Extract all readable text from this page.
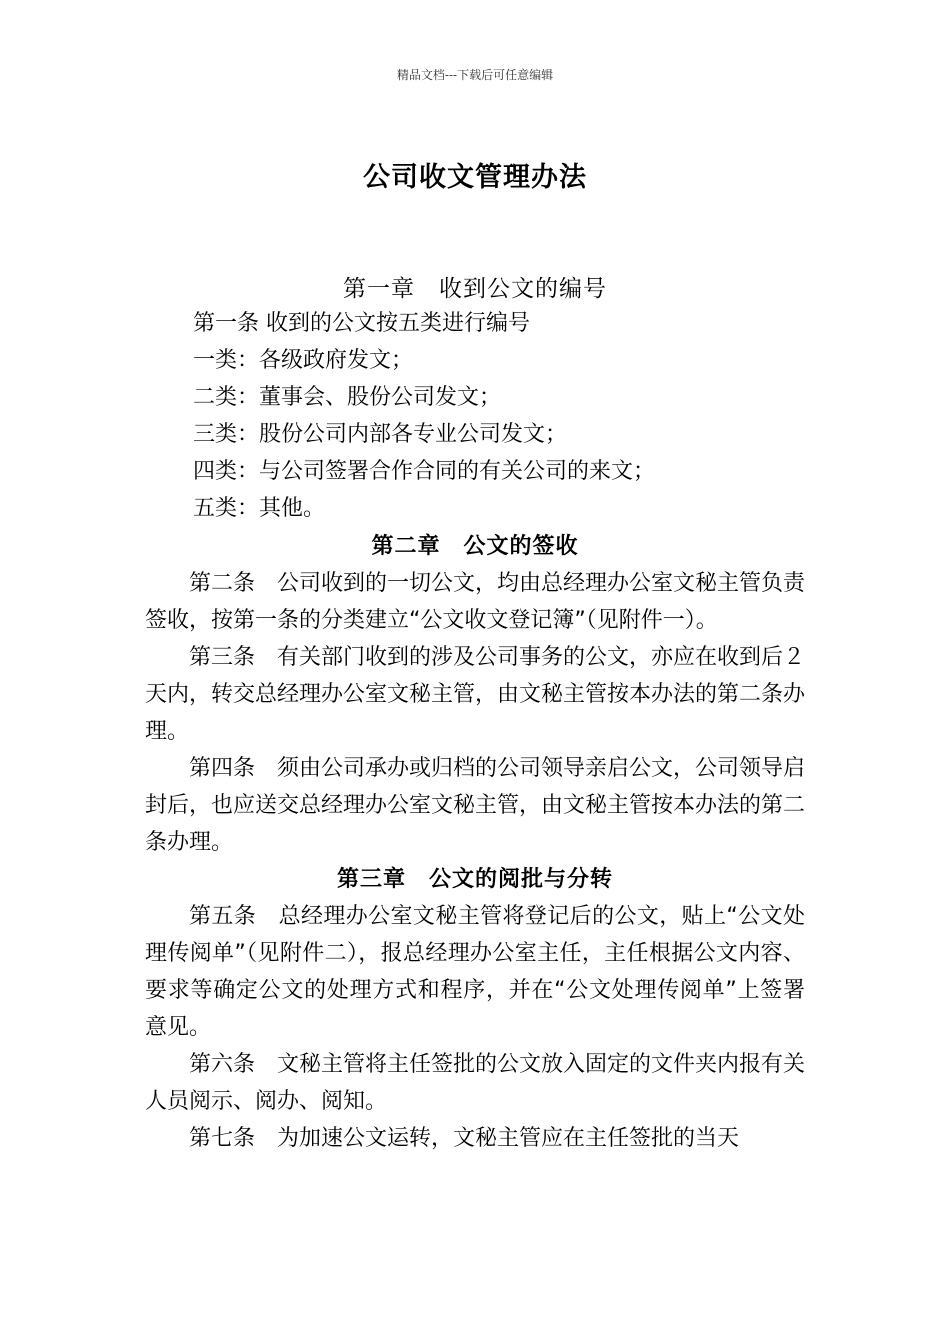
精品文档---下载后可任意编辑
公司收文管理办法
第一章　收到公文的编号
第一条 收到的公文按五类进行编号
一类：各级政府发文；
二类：董事会、股份公司发文；
三类：股份公司内部各专业公司发文；
四类：与公司签署合作合同的有关公司的来文；
五类：其他。

第二章　公文的签收

第二条　公司收到的一切公文，均由总经理办公室文秘主管负责签收，按第一条的分类建立“公文收文登记簿”（见附件一）。

第三条　有关部门收到的涉及公司事务的公文，亦应在收到后２天内，转交总经理办公室文秘主管，由文秘主管按本办法的第二条办理。

第四条　须由公司承办或归档的公司领导亲启公文，公司领导启封后，也应送交总经理办公室文秘主管，由文秘主管按本办法的第二条办理。

第三章　公文的阅批与分转

第五条　总经理办公室文秘主管将登记后的公文，贴上“公文处理传阅单”（见附件二），报总经理办公室主任，主任根据公文内容、要求等确定公文的处理方式和程序，并在“公文处理传阅单”上签署意见。

第六条　文秘主管将主任签批的公文放入固定的文件夹内报有关人员阅示、阅办、阅知。

第七条　为加速公文运转，文秘主管应在主任签批的当天
